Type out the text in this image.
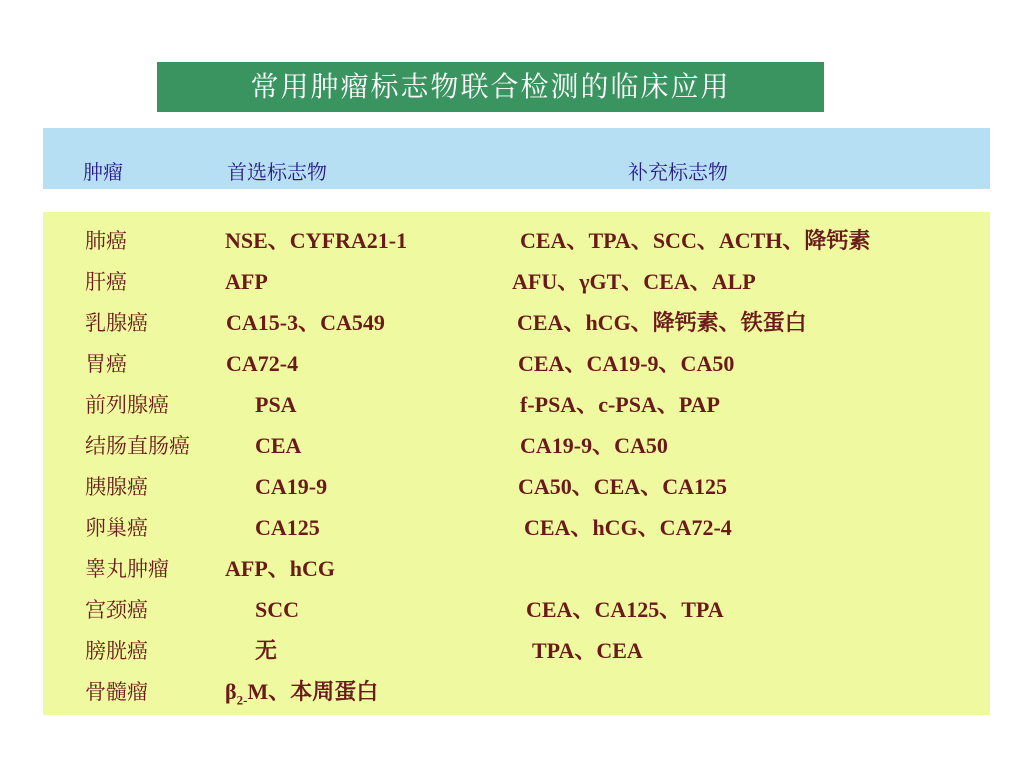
常用肿瘤标志物联合检测的临床应用
肿瘤	首选标志物	补充标志物
肺癌	NSE、CYFRA21-1	CEA、TPA、SCC、ACTH、降钙素
肝癌	AFP	AFU、γGT、CEA、ALP
乳腺癌	CA15-3、CA549	CEA、hCG、降钙素、铁蛋白
胃癌	CA72-4	CEA、CA19-9、CA50
前列腺癌	PSA	f-PSA、c-PSA、PAP
结肠直肠癌	CEA	CA19-9、CA50
胰腺癌	CA19-9	CA50、CEA、CA125
卵巢癌	CA125	CEA、hCG、CA72-4
睾丸肿瘤	AFP、hCG
宫颈癌	SCC	CEA、CA125、TPA
膀胱癌	无	TPA、CEA
骨髓瘤	$\beta_{2-}M$、本周蛋白
